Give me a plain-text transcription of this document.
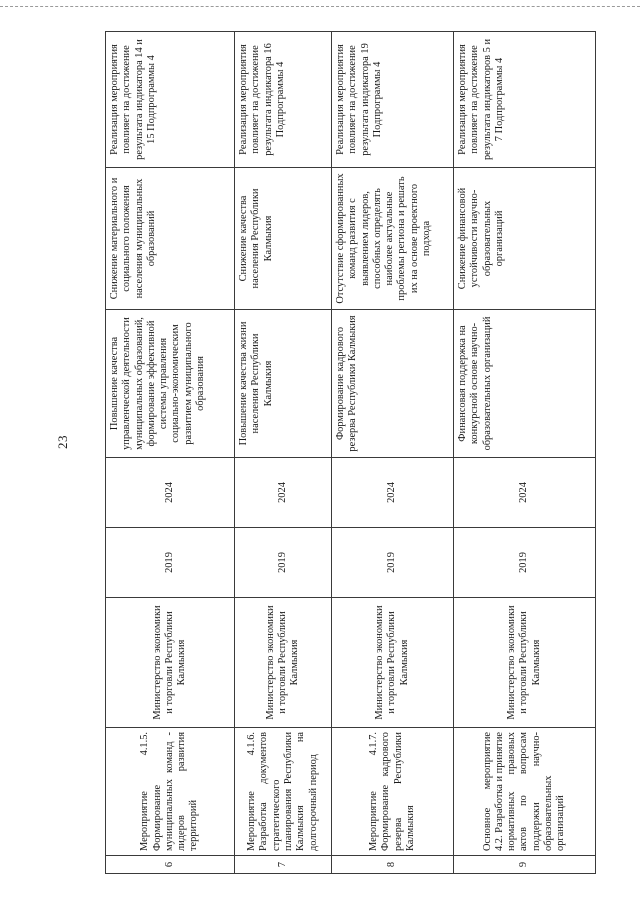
23
6	Мероприятие 4.1.5. Формирование муниципальных команд - лидеров развития территорий	Министерство экономики и торговли Республики Калмыкия	2019	2024	Повышение качества управленческой деятельности муниципальных образований, формирование эффективной системы управления социально-экономическим развитием муниципального образования	Снижение материального и социального положения населения муниципальных образований	Реализация мероприятия повлияет на достижение результата индикатора 14 и 15 Подпрограммы 4
7	Мероприятие 4.1.6. Разработка документов стратегического планирования Республики Калмыкия на долгосрочный период	Министерство экономики и торговли Республики Калмыкия	2019	2024	Повышение качества жизни населения Республики Калмыкия	Снижение качества населения Республики Калмыкия	Реализация мероприятия повлияет на достижение результата индикатора 16 Подпрограммы 4
8	Мероприятие 4.1.7. Формирование кадрового резерва Республики Калмыкия	Министерство экономики и торговли Республики Калмыкия	2019	2024	Формирование кадрового резерва Республики Калмыкия	Отсутствие сформированных команд развития с выявлением лидеров, способных определять наиболее актуальные проблемы региона и решать их на основе проектного подхода	Реализация мероприятия повлияет на достижение результата индикатора 19 Подпрограммы 4
9	Основное мероприятие 4.2. Разработка и принятие нормативных правовых актов по вопросам поддержки научно-образовательных организаций	Министерство экономики и торговли Республики Калмыкия	2019	2024	Финансовая поддержка на конкурсной основе научно-образовательных организаций	Снижение финансовой устойчивости научно-образовательных организаций	Реализация мероприятия повлияет на достижение результата индикаторов 5 и 7 Подпрограммы 4
